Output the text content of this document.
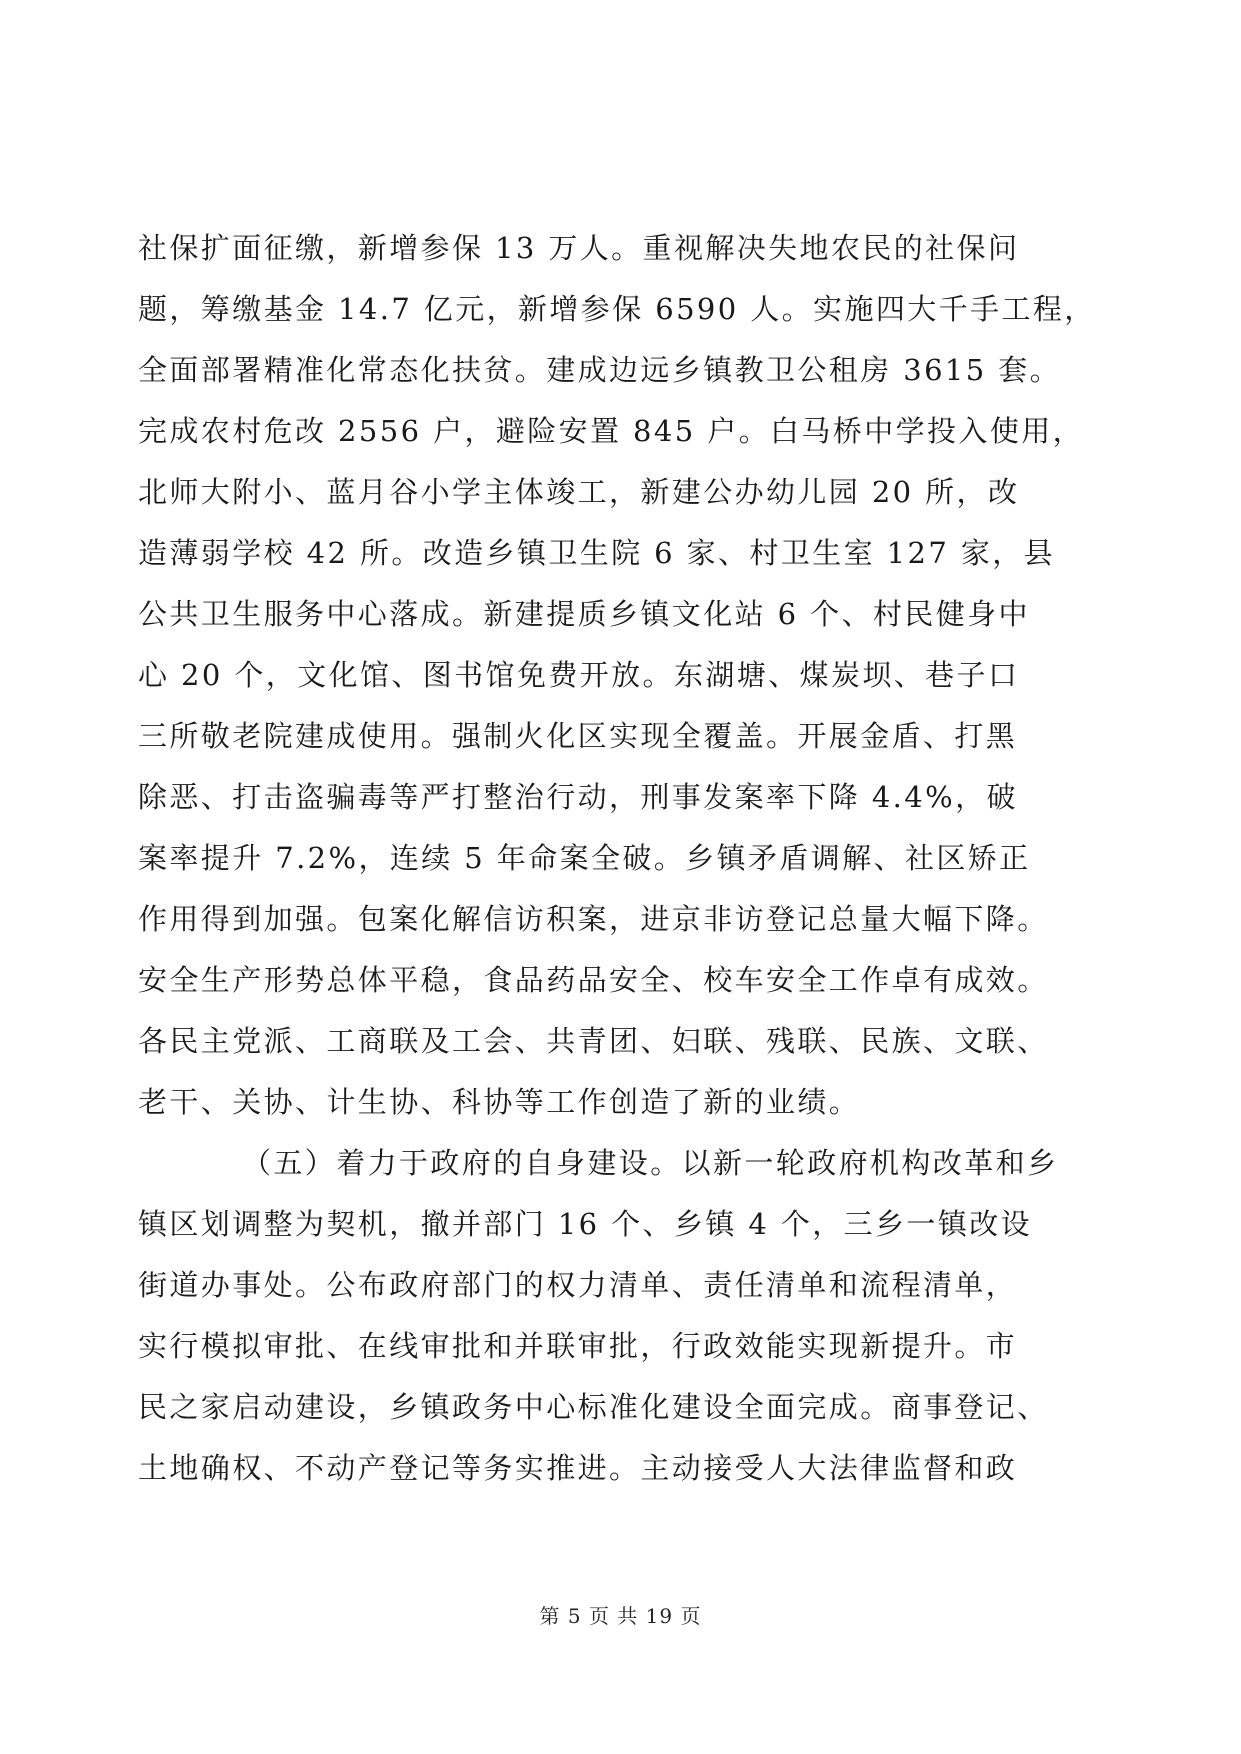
社保扩面征缴，新增参保 13 万人。重视解决失地农民的社保问
题，筹缴基金 14.7 亿元，新增参保 6590 人。实施四大千手工程，
全面部署精准化常态化扶贫。建成边远乡镇教卫公租房 3615 套。
完成农村危改 2556 户，避险安置 845 户。白马桥中学投入使用，
北师大附小、蓝月谷小学主体竣工，新建公办幼儿园 20 所，改
造薄弱学校 42 所。改造乡镇卫生院 6 家、村卫生室 127 家，县
公共卫生服务中心落成。新建提质乡镇文化站 6 个、村民健身中
心 20 个，文化馆、图书馆免费开放。东湖塘、煤炭坝、巷子口
三所敬老院建成使用。强制火化区实现全覆盖。开展金盾、打黑
除恶、打击盗骗毒等严打整治行动，刑事发案率下降 4.4%，破
案率提升 7.2%，连续 5 年命案全破。乡镇矛盾调解、社区矫正
作用得到加强。包案化解信访积案，进京非访登记总量大幅下降。
安全生产形势总体平稳，食品药品安全、校车安全工作卓有成效。
各民主党派、工商联及工会、共青团、妇联、残联、民族、文联、
老干、关协、计生协、科协等工作创造了新的业绩。
（五）着力于政府的自身建设。以新一轮政府机构改革和乡
镇区划调整为契机，撤并部门 16 个、乡镇 4 个，三乡一镇改设
街道办事处。公布政府部门的权力清单、责任清单和流程清单，
实行模拟审批、在线审批和并联审批，行政效能实现新提升。市
民之家启动建设，乡镇政务中心标准化建设全面完成。商事登记、
土地确权、不动产登记等务实推进。主动接受人大法律监督和政
第 5 页 共 19 页
